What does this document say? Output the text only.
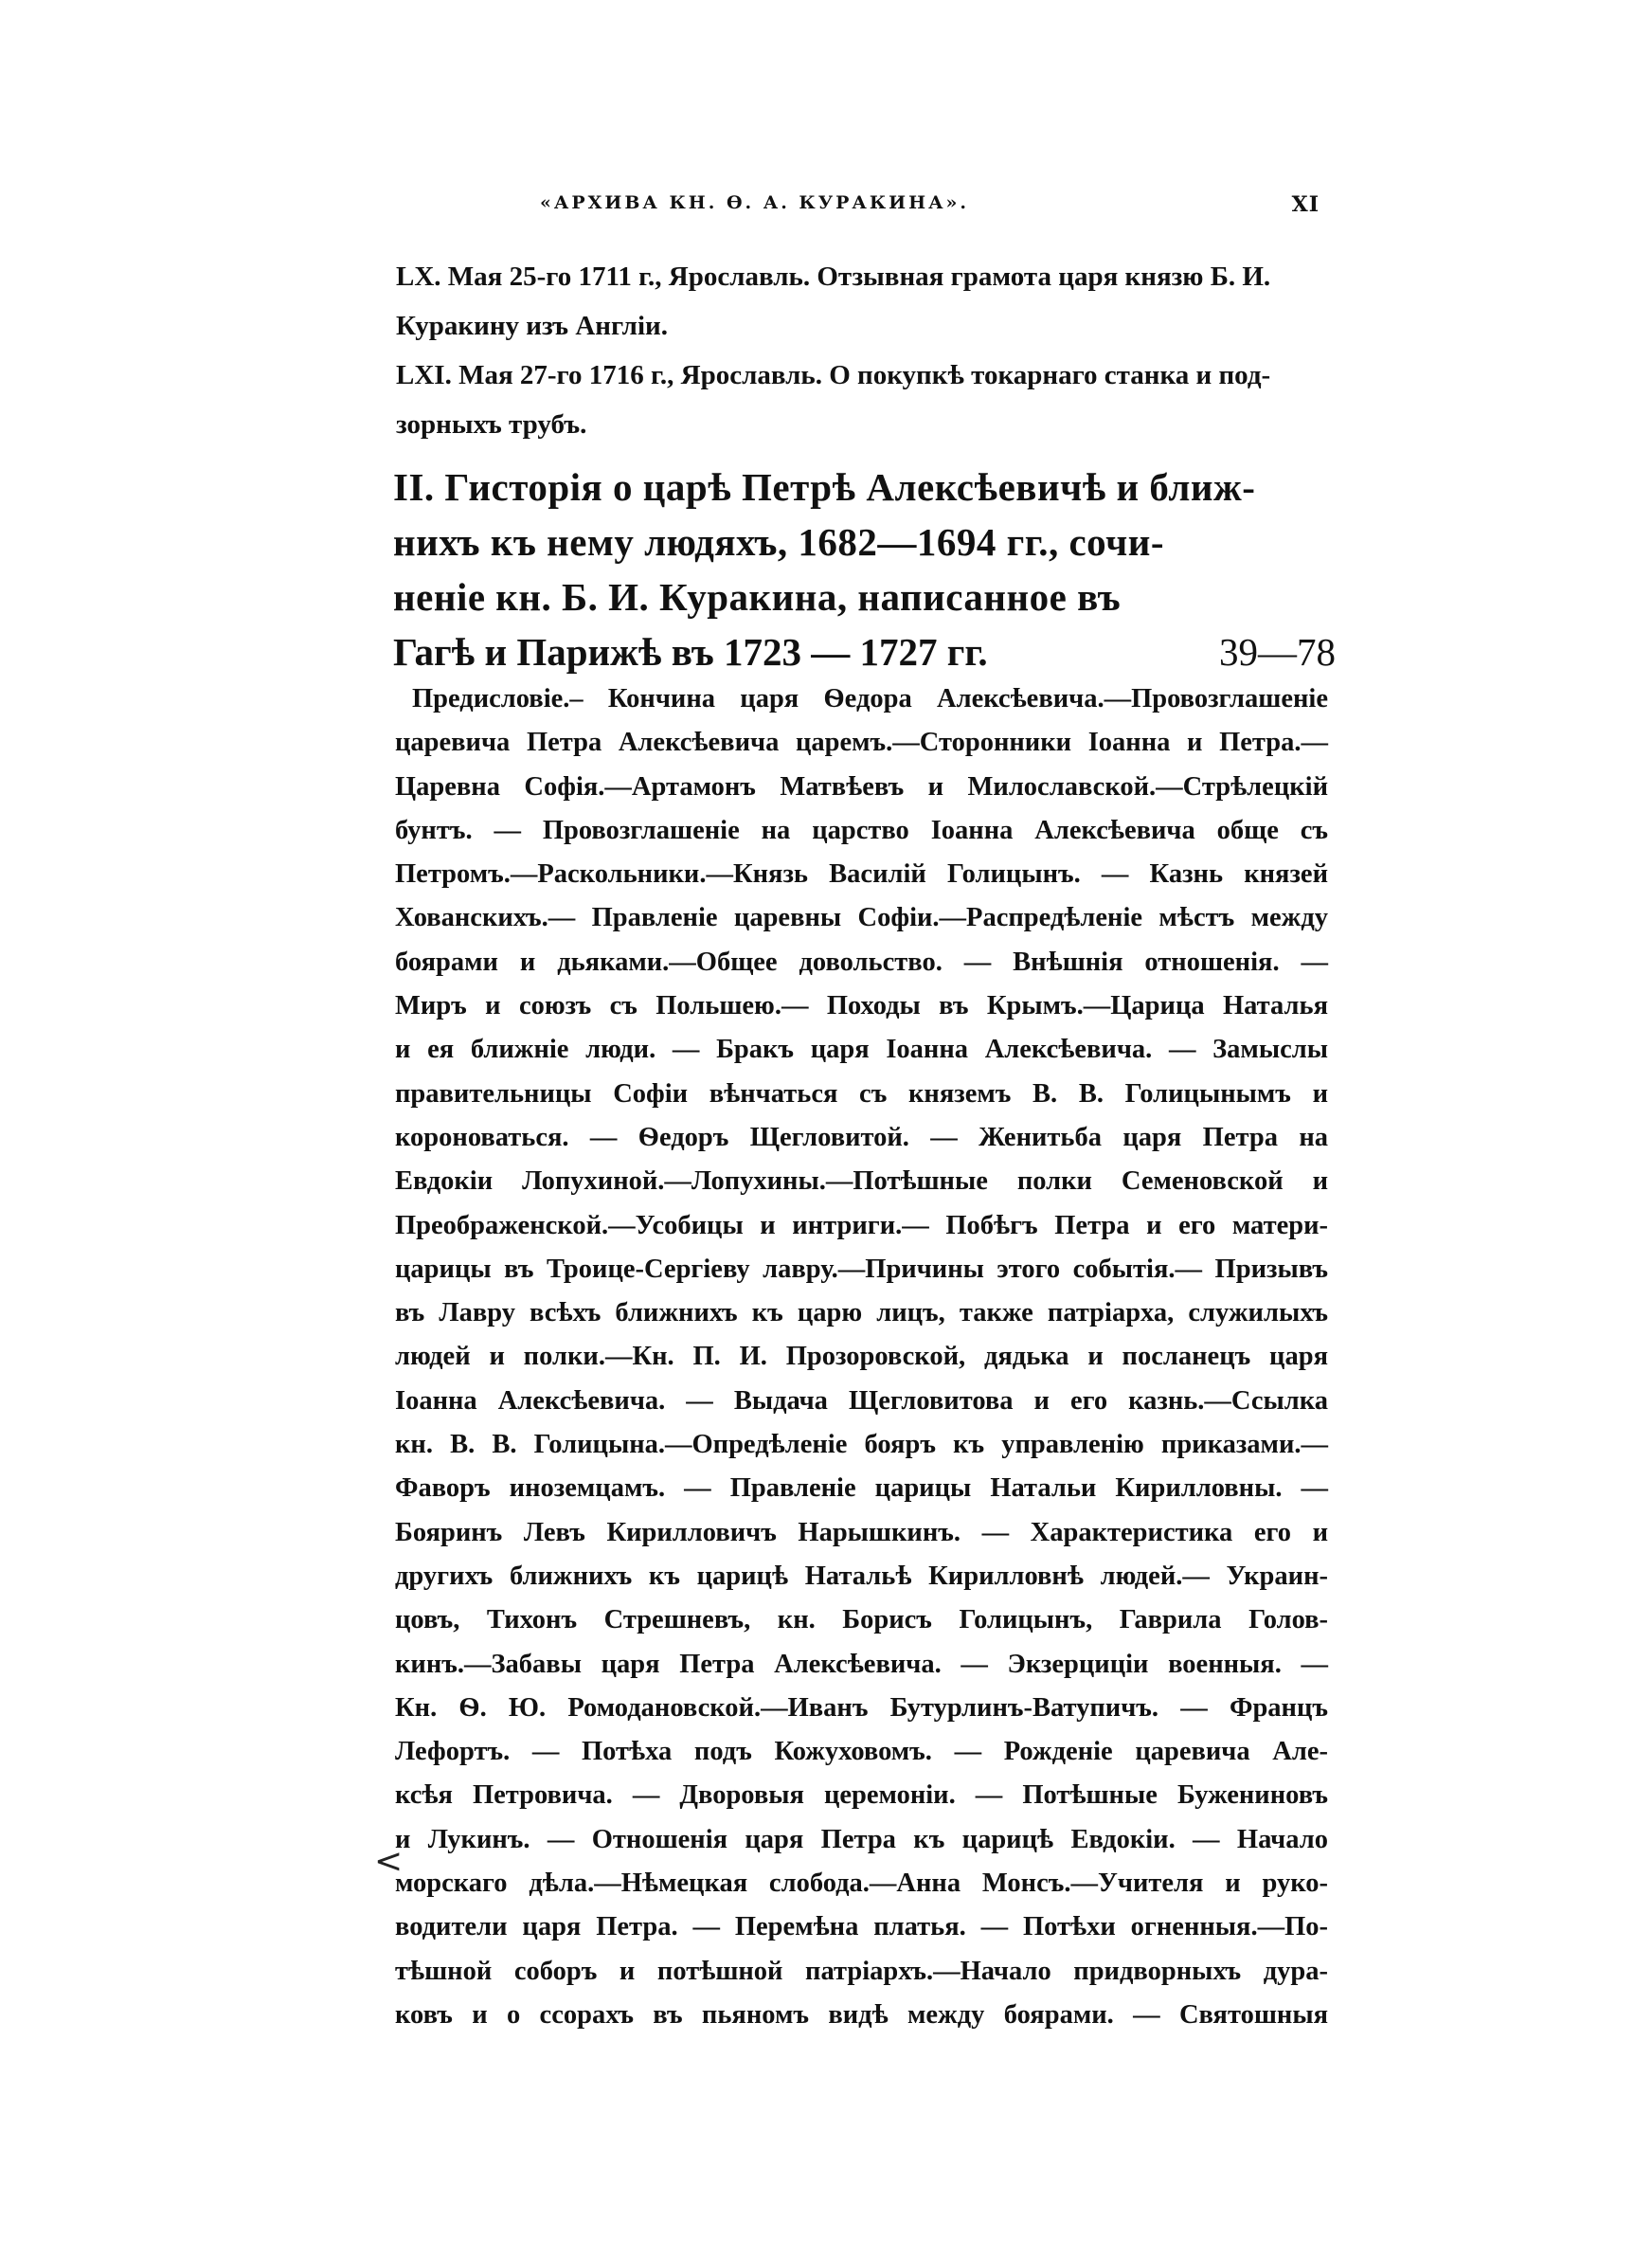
«АРХИВА КН. Ѳ. А. КУРАКИНА».	XI
LX. Мая 25-го 1711 г., Ярославль. Отзывная грамота царя князю Б. И.
Куракину изъ Англіи.
LXI. Мая 27-го 1716 г., Ярославль. О покупкѣ токарнаго станка и под-
зорныхъ трубъ.
II. Гисторія о царѣ Петрѣ Алексѣевичѣ и ближ-
нихъ къ нему людяхъ, 1682—1694 гг., сочи-
неніе кн. Б. И. Куракина, написанное въ
Гагѣ и Парижѣ въ 1723 — 1727 гг.	39—78
Предисловіе.– Кончина царя Ѳедора Алексѣевича.—Провозглашеніе
царевича Петра Алексѣевича царемъ.—Сторонники Іоанна и Петра.—
Царевна Софія.—Артамонъ Матвѣевъ и Милославской.—Стрѣлецкій
бунтъ. — Провозглашеніе на царство Іоанна Алексѣевича обще съ
Петромъ.—Раскольники.—Князь Василій Голицынъ. — Казнь князей
Хованскихъ.— Правленіе царевны Софіи.—Распредѣленіе мѣстъ между
боярами и дьяками.—Общее довольство. — Внѣшнія отношенія. —
Миръ и союзъ съ Польшею.— Походы въ Крымъ.—Царица Наталья
и ея ближніе люди. — Бракъ царя Іоанна Алексѣевича. — Замыслы
правительницы Софіи вѣнчаться съ княземъ В. В. Голицынымъ и
короноваться. — Ѳедоръ Щегловитой. — Женитьба царя Петра на
Евдокіи Лопухиной.—Лопухины.—Потѣшные полки Семеновской и
Преображенской.—Усобицы и интриги.— Побѣгъ Петра и его матери-
царицы въ Троице-Сергіеву лавру.—Причины этого событія.— Призывъ
въ Лавру всѣхъ ближнихъ къ царю лицъ, также патріарха, служилыхъ
людей и полки.—Кн. П. И. Прозоровской, дядька и посланецъ царя
Іоанна Алексѣевича. — Выдача Щегловитова и его казнь.—Ссылка
кн. В. В. Голицына.—Опредѣленіе бояръ къ управленію приказами.—
Фаворъ иноземцамъ. — Правленіе царицы Натальи Кирилловны. —
Бояринъ Левъ Кирилловичъ Нарышкинъ. — Характеристика его и
другихъ ближнихъ къ царицѣ Натальѣ Кирилловнѣ людей.— Украин-
цовъ, Тихонъ Стрешневъ, кн. Борисъ Голицынъ, Гаврила Голов-
кинъ.—Забавы царя Петра Алексѣевича. — Экзерциціи военныя. —
Кн. Ѳ. Ю. Ромодановской.—Иванъ Бутурлинъ-Ватупичъ. — Францъ
Лефортъ. — Потѣха подъ Кожуховомъ. — Рожденіе царевича Але-
ксѣя Петровича. — Дворовыя церемоніи. — Потѣшные Бужениновъ
и Лукинъ. — Отношенія царя Петра къ царицѣ Евдокіи. — Начало
морскаго дѣла.—Нѣмецкая слобода.—Анна Монсъ.—Учителя и руко-
водители царя Петра. — Перемѣна платья. — Потѣхи огненныя.—По-
тѣшной соборъ и потѣшной патріархъ.—Начало придворныхъ дура-
ковъ и о ссорахъ въ пьяномъ видѣ между боярами. — Святошныя
<
